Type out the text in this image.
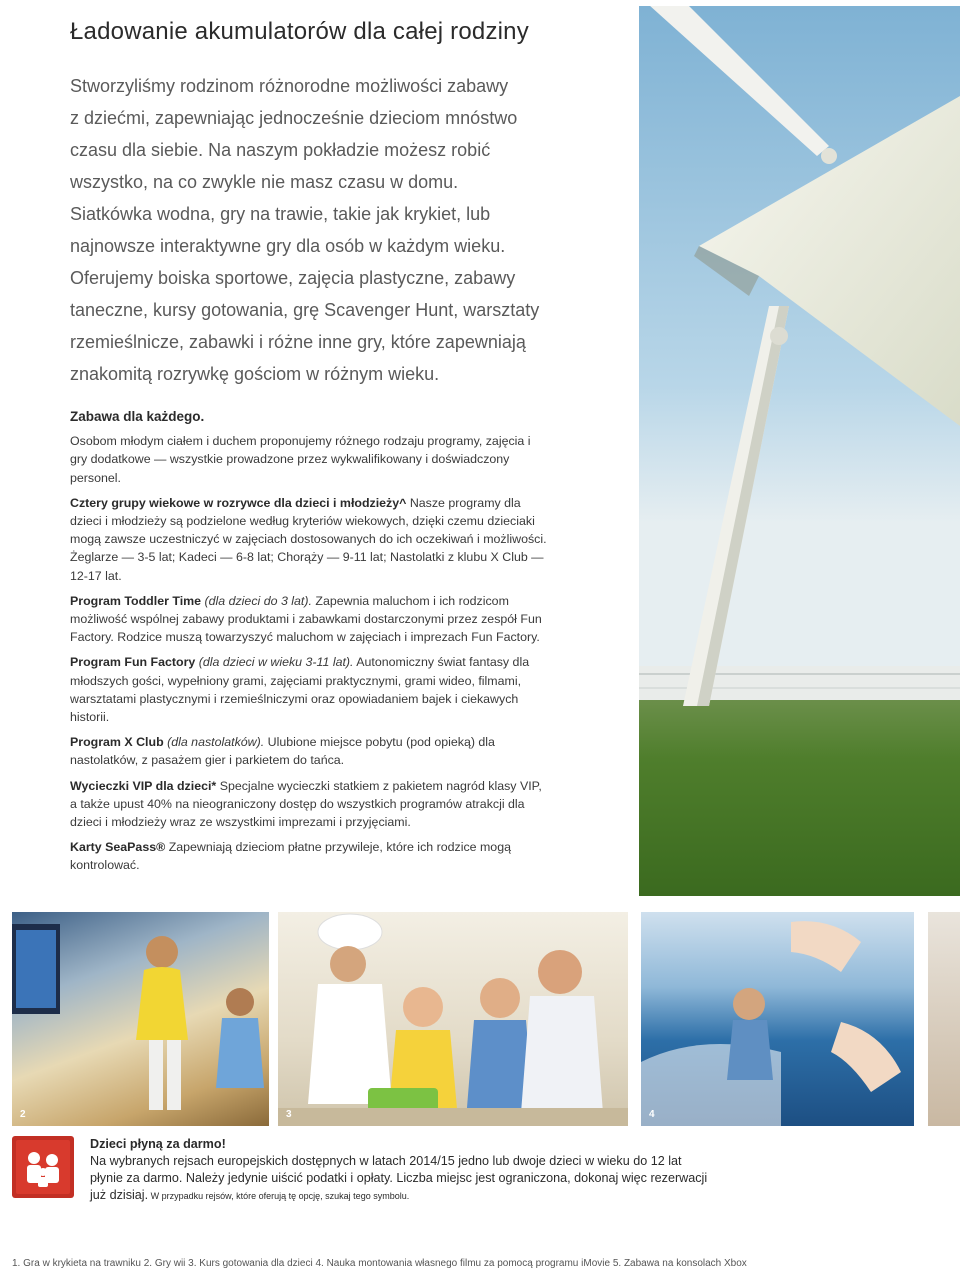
Ładowanie akumulatorów dla całej rodziny

Stworzyliśmy rodzinom różnorodne możliwości zabawy

z dziećmi, zapewniając jednocześnie dzieciom mnóstwo

czasu dla siebie. Na naszym pokładzie możesz robić

wszystko, na co zwykle nie masz czasu w domu.

Siatkówka wodna, gry na trawie, takie jak krykiet, lub

najnowsze interaktywne gry dla osób w każdym wieku.

Oferujemy boiska sportowe, zajęcia plastyczne, zabawy

taneczne, kursy gotowania, grę Scavenger Hunt, warsztaty

rzemieślnicze, zabawki i różne inne gry, które zapewniają

znakomitą rozrywkę gościom w różnym wieku.

Zabawa dla każdego.

Osobom młodym ciałem i duchem proponujemy różnego rodzaju programy, zajęcia i gry dodatkowe — wszystkie prowadzone przez wykwalifikowany i doświadczony personel.

Cztery grupy wiekowe w rozrywce dla dzieci i młodzieży^ Nasze programy dla dzieci i młodzieży są podzielone według kryteriów wiekowych, dzięki czemu dzieciaki mogą zawsze uczestniczyć w zajęciach dostosowanych do ich oczekiwań i możliwości. Żeglarze — 3-5 lat; Kadeci — 6-8 lat; Chorąży — 9-11 lat; Nastolatki z klubu X Club — 12-17 lat.

Program Toddler Time (dla dzieci do 3 lat). Zapewnia maluchom i ich rodzicom możliwość wspólnej zabawy produktami i zabawkami dostarczonymi przez zespół Fun Factory. Rodzice muszą towarzyszyć maluchom w zajęciach i imprezach Fun Factory.

Program Fun Factory (dla dzieci w wieku 3-11 lat). Autonomiczny świat fantasy dla młodszych gości, wypełniony grami, zajęciami praktycznymi, grami wideo, filmami, warsztatami plastycznymi i rzemieślniczymi oraz opowiadaniem bajek i ciekawych historii.

Program X Club (dla nastolatków). Ulubione miejsce pobytu (pod opieką) dla nastolatków, z pasażem gier i parkietem do tańca.

Wycieczki VIP dla dzieci* Specjalne wycieczki statkiem z pakietem nagród klasy VIP, a także upust 40% na nieograniczony dostęp do wszystkich programów atrakcji dla dzieci i młodzieży wraz ze wszystkimi imprezami i przyjęciami.

Karty SeaPass® Zapewniają dzieciom płatne przywileje, które ich rodzice mogą kontrolować.

2	3	4
Dzieci płyną za darmo!
Na wybranych rejsach europejskich dostępnych w latach 2014/15 jedno lub dwoje dzieci w wieku do 12 lat płynie za darmo. Należy jedynie uiścić podatki i opłaty. Liczba miejsc jest ograniczona, dokonaj więc rezerwacji już dzisiaj. W przypadku rejsów, które oferują tę opcję, szukaj tego symbolu.
1. Gra w krykieta na trawniku 2. Gry wii 3. Kurs gotowania dla dzieci 4. Nauka montowania własnego filmu za pomocą programu iMovie 5. Zabawa na konsolach Xbox
